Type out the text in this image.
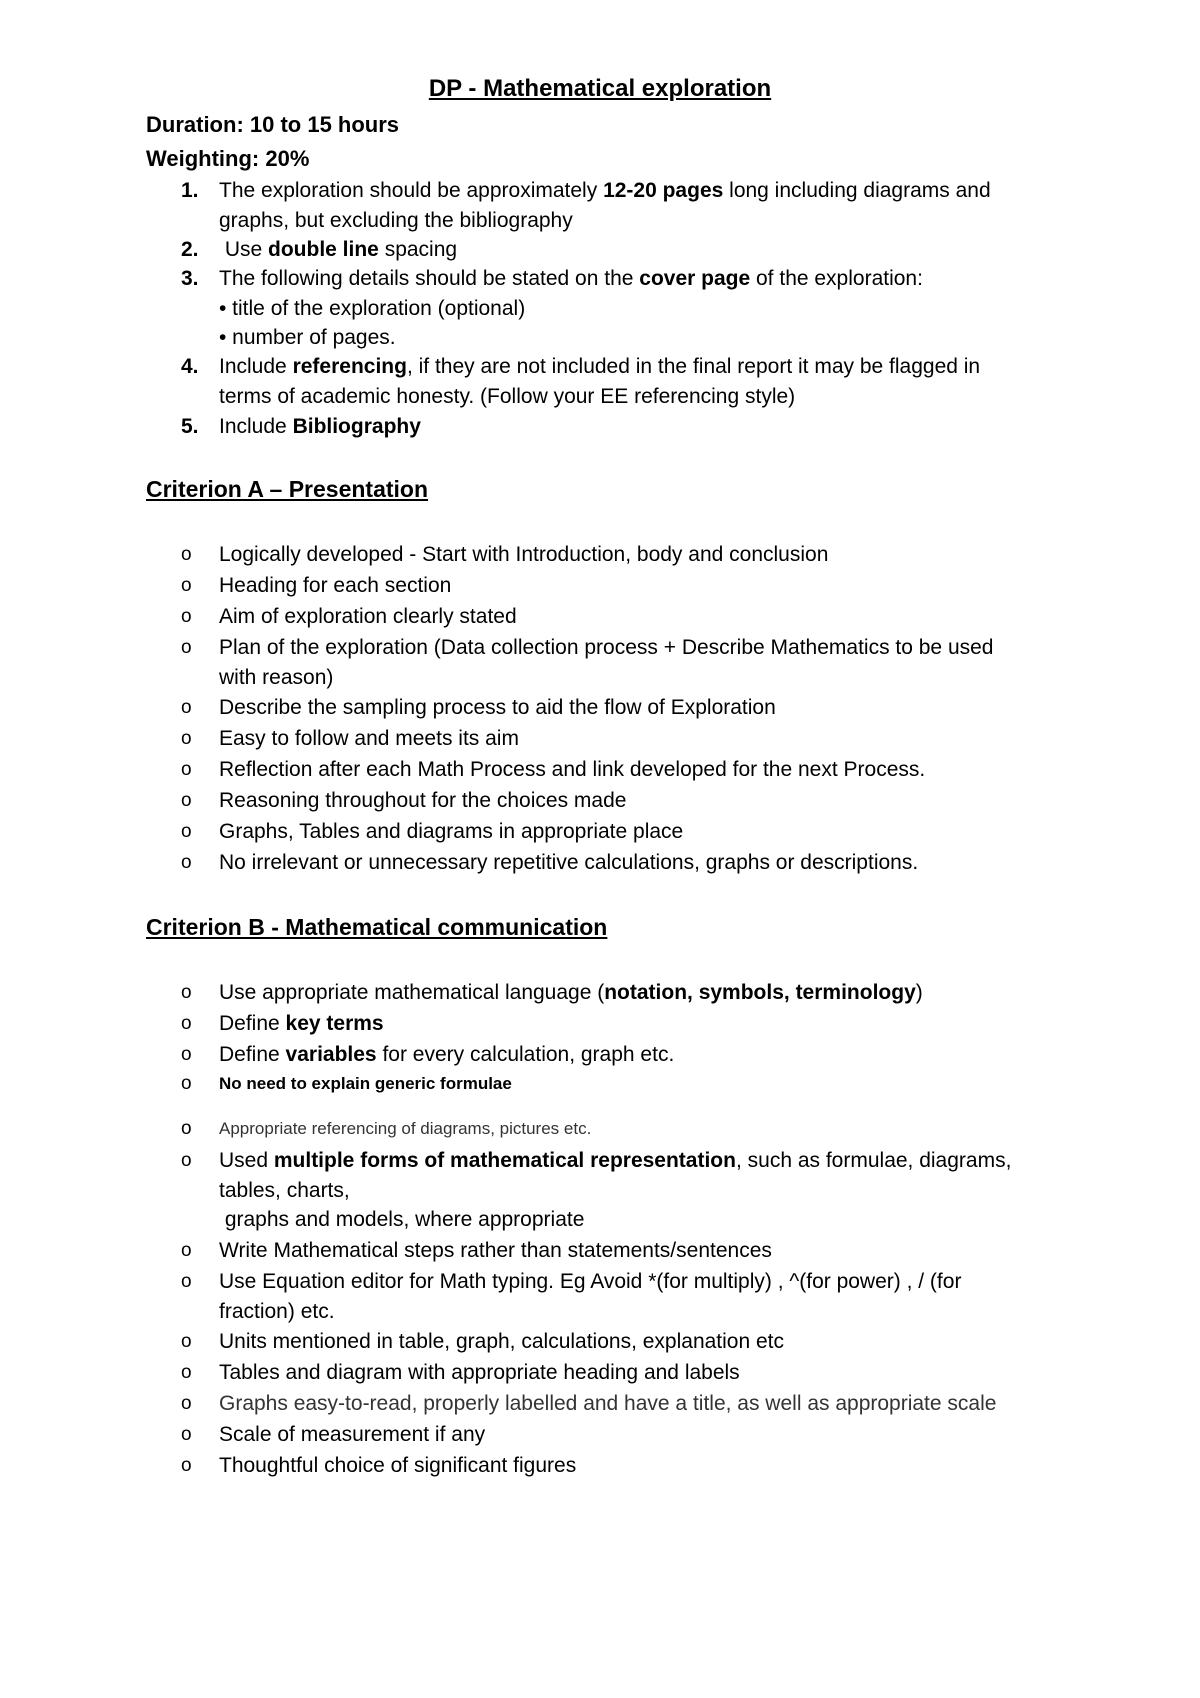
DP - Mathematical exploration
Duration: 10 to 15 hours
Weighting: 20%
1. The exploration should be approximately 12-20 pages long including diagrams and
graphs, but excluding the bibliography
2. Use double line spacing
3. The following details should be stated on the cover page of the exploration:
• title of the exploration (optional)
• number of pages.
4. Include referencing, if they are not included in the final report it may be flagged in
terms of academic honesty. (Follow your EE referencing style)
5. Include Bibliography
Criterion A – Presentation
o Logically developed - Start with Introduction, body and conclusion
o Heading for each section
o Aim of exploration clearly stated
o Plan of the exploration (Data collection process + Describe Mathematics to be used
with reason)
o Describe the sampling process to aid the flow of Exploration
o Easy to follow and meets its aim
o Reflection after each Math Process and link developed for the next Process.
o Reasoning throughout for the choices made
o Graphs, Tables and diagrams in appropriate place
o No irrelevant or unnecessary repetitive calculations, graphs or descriptions.
Criterion B - Mathematical communication
o Use appropriate mathematical language (notation, symbols, terminology)
o Define key terms
o Define variables for every calculation, graph etc.
o No need to explain generic formulae
o Appropriate referencing of diagrams, pictures etc.
o Used multiple forms of mathematical representation, such as formulae, diagrams,
tables, charts,
graphs and models, where appropriate
o Write Mathematical steps rather than statements/sentences
o Use Equation editor for Math typing. Eg Avoid *(for multiply) , ^(for power) , / (for
fraction) etc.
o Units mentioned in table, graph, calculations, explanation etc
o Tables and diagram with appropriate heading and labels
o Graphs easy-to-read, properly labelled and have a title, as well as appropriate scale
o Scale of measurement if any
o Thoughtful choice of significant figures
